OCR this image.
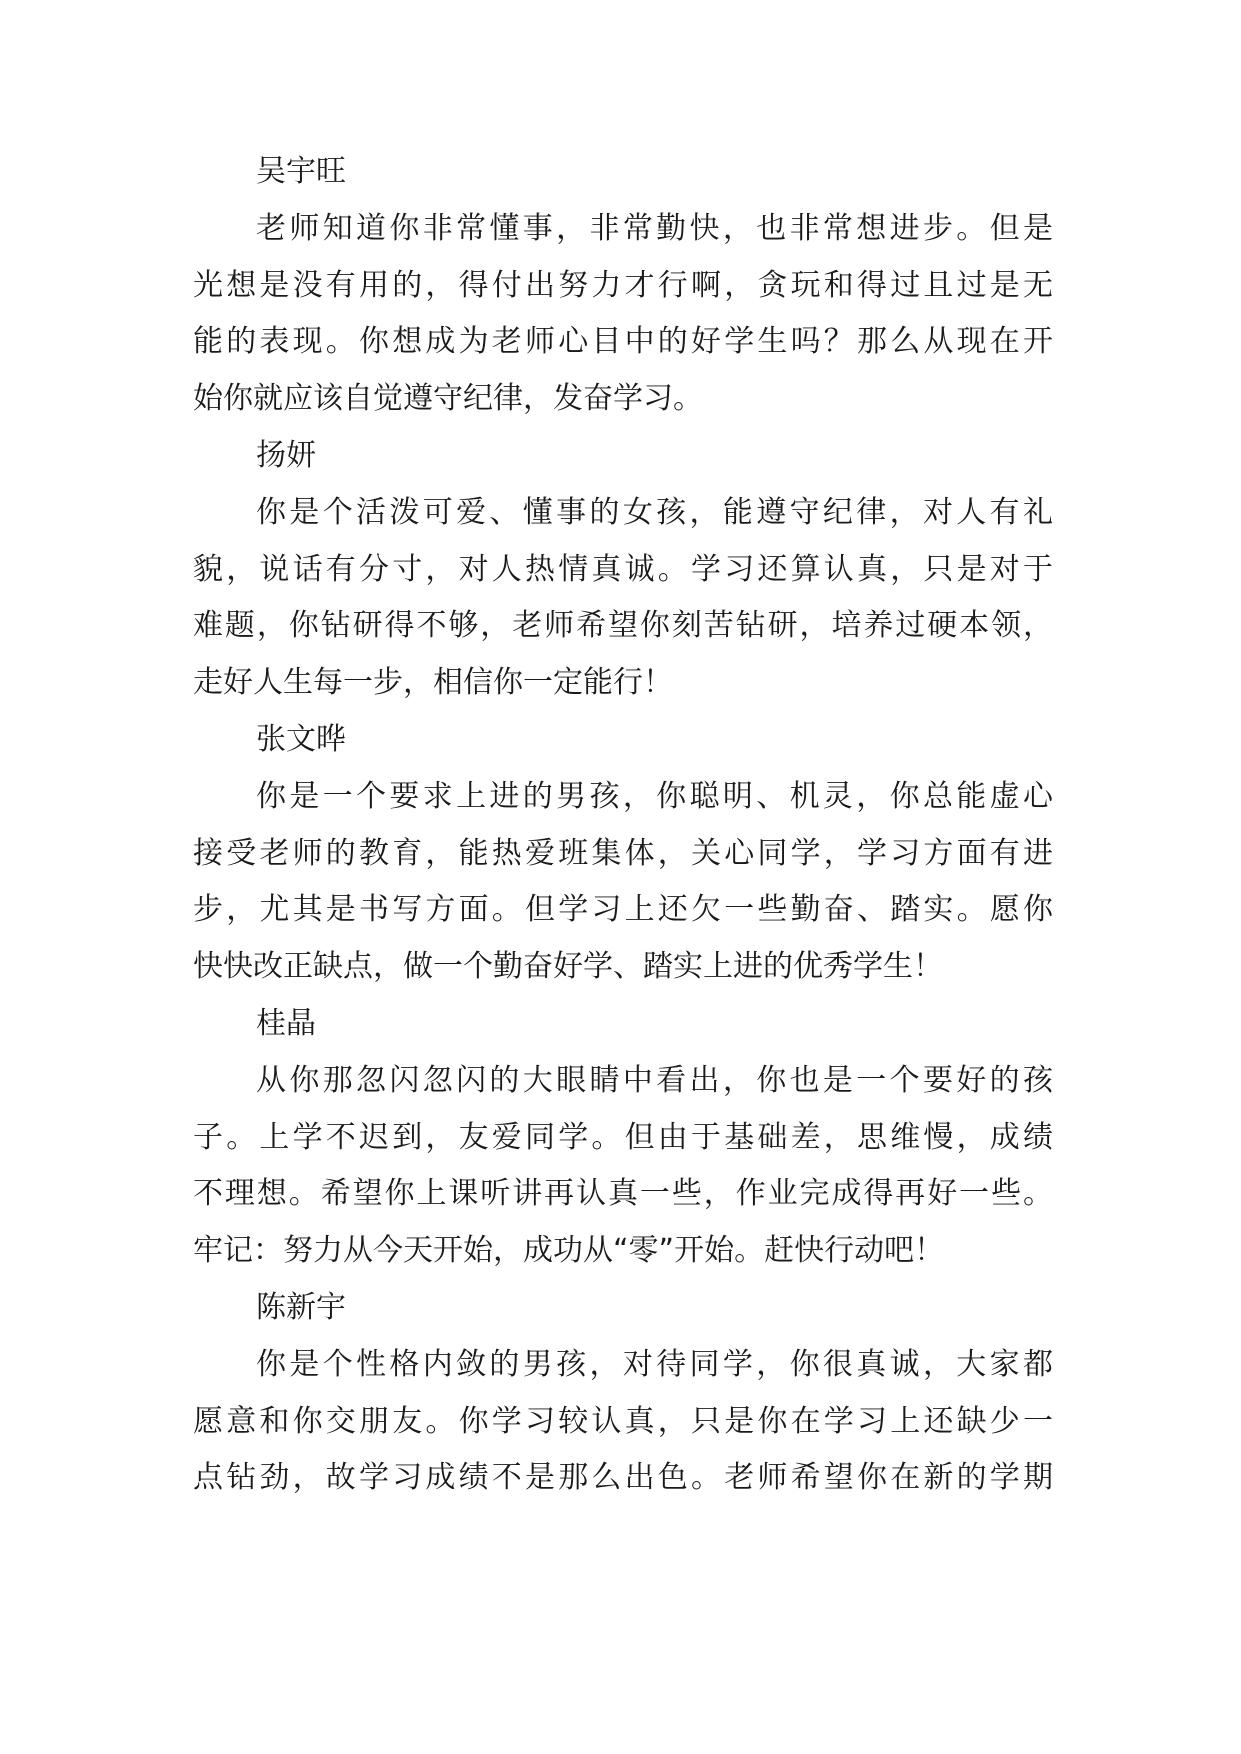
吴宇旺

老师知道你非常懂事，非常勤快，也非常想进步。但是

光想是没有用的，得付出努力才行啊，贪玩和得过且过是无

能的表现。你想成为老师心目中的好学生吗？那么从现在开

始你就应该自觉遵守纪律，发奋学习。

扬妍

你是个活泼可爱、懂事的女孩，能遵守纪律，对人有礼

貌，说话有分寸，对人热情真诚。学习还算认真，只是对于

难题，你钻研得不够，老师希望你刻苦钻研，培养过硬本领，

走好人生每一步，相信你一定能行！

张文晔

你是一个要求上进的男孩，你聪明、机灵，你总能虚心

接受老师的教育，能热爱班集体，关心同学，学习方面有进

步，尤其是书写方面。但学习上还欠一些勤奋、踏实。愿你

快快改正缺点，做一个勤奋好学、踏实上进的优秀学生！

桂晶

从你那忽闪忽闪的大眼睛中看出，你也是一个要好的孩

子。上学不迟到，友爱同学。但由于基础差，思维慢，成绩

不理想。希望你上课听讲再认真一些，作业完成得再好一些。

牢记：努力从今天开始，成功从“零”开始。赶快行动吧！

陈新宇

你是个性格内敛的男孩，对待同学，你很真诚，大家都

愿意和你交朋友。你学习较认真，只是你在学习上还缺少一

点钻劲，故学习成绩不是那么出色。老师希望你在新的学期
